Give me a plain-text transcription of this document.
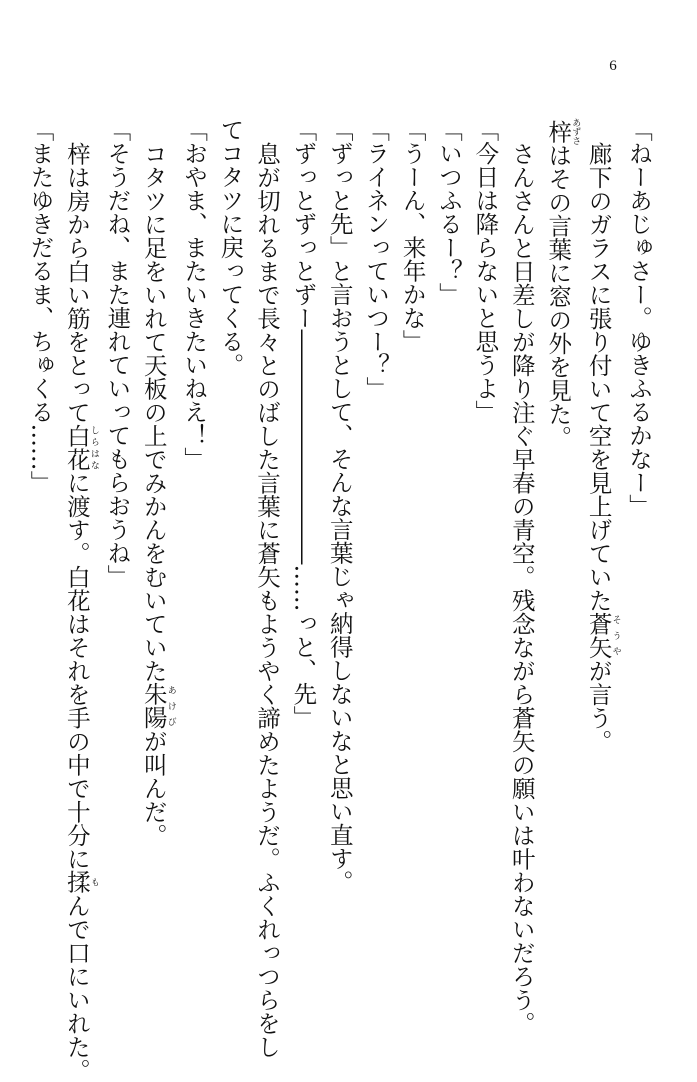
6
「ねーあじゅさー。ゆきふるかなー」
廊下のガラスに張り付いて空を見上げていた蒼矢そうやが言う。
梓あずさはその言葉に窓の外を見た。
さんさんと日差しが降り注ぐ早春の青空。残念ながら蒼矢の願いは叶わないだろう。
「今日は降らないと思うよ」
「いつふるー？」
「うーん、来年かな」
「ライネンっていつー？」
「ずっと先」と言おうとして、そんな言葉じゃ納得しないなと思い直す。
「ずっとずっとずー――――――――――……っと、先」
息が切れるまで長々とのばした言葉に蒼矢もようやく諦めたようだ。ふくれっつらをし
てコタツに戻ってくる。
「おやま、またいきたいねえ！」
コタツに足をいれて天板の上でみかんをむいていた朱陽あけびが叫んだ。
「そうだね、また連れていってもらおうね」
梓は房から白い筋をとって白花しらはなに渡す。白花はそれを手の中で十分に揉もんで口にいれた。
「またゆきだるま、ちゅくる……」
